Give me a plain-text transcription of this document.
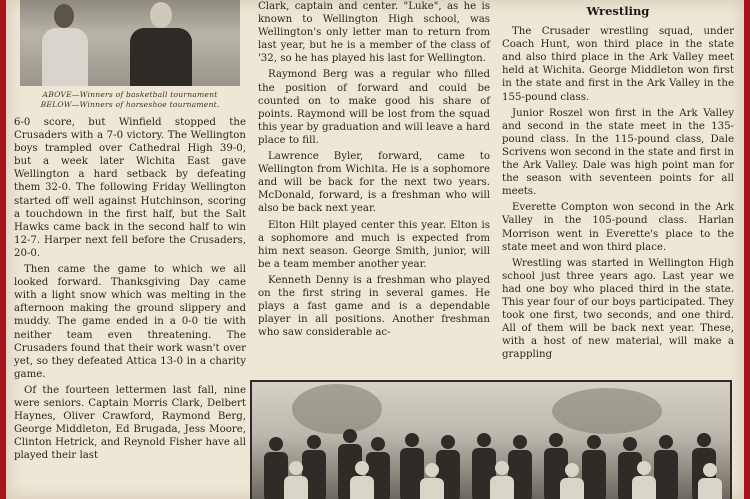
ABOVE—Winners of basketball tournament
BELOW—Winners of horseshoe tournament.

6-0 score, but Winfield stopped the Crusaders with a 7-0 victory. The Wellington boys trampled over Cathedral High 39-0, but a week later Wichita East gave Wellington a hard setback by defeating them 32-0. The following Friday Wellington started off well against Hutchinson, scoring a touchdown in the first half, but the Salt Hawks came back in the second half to win 12-7. Harper next fell before the Crusaders, 20-0.

Then came the game to which we all looked forward. Thanksgiving Day came with a light snow which was melting in the afternoon making the ground slippery and muddy. The game ended in a 0-0 tie with neither team even threatening. The Crusaders found that their work wasn't over yet, so they defeated Attica 13-0 in a charity game.

Of the fourteen lettermen last fall, nine were seniors. Captain Morris Clark, Delbert Haynes, Oliver Crawford, Raymond Berg, George Middleton, Ed Brugada, Jess Moore, Clinton Hetrick, and Reynold Fisher have all played their last

Clark, captain and center. "Luke", as he is known to Wellington High school, was Wellington's only letter man to return from last year, but he is a member of the class of '32, so he has played his last for Wellington.

Raymond Berg was a regular who filled the position of forward and could be counted on to make good his share of points. Raymond will be lost from the squad this year by graduation and will leave a hard place to fill.

Lawrence Byler, forward, came to Wellington from Wichita. He is a sophomore and will be back for the next two years. McDonald, forward, is a freshman who will also be back next year.

Elton Hilt played center this year. Elton is a sophomore and much is expected from him next season. George Smith, junior, will be a team member another year.

Kenneth Denny is a freshman who played on the first string in several games. He plays a fast game and is a dependable player in all positions. Another freshman who saw considerable ac-

Wrestling

The Crusader wrestling squad, under Coach Hunt, won third place in the state and also third place in the Ark Valley meet held at Wichita. George Middleton won first in the state and first in the Ark Valley in the 155-pound class.

Junior Roszel won first in the Ark Valley and second in the state meet in the 135-pound class. In the 115-pound class, Dale Scrivens won second in the state and first in the Ark Valley. Dale was high point man for the season with seventeen points for all meets.

Everette Compton won second in the Ark Valley in the 105-pound class. Harlan Morrison went in Everette's place to the state meet and won third place.

Wrestling was started in Wellington High school just three years ago. Last year we had one boy who placed third in the state. This year four of our boys participated. They took one first, two seconds, and one third. All of them will be back next year. These, with a host of new material, will make a grappling
